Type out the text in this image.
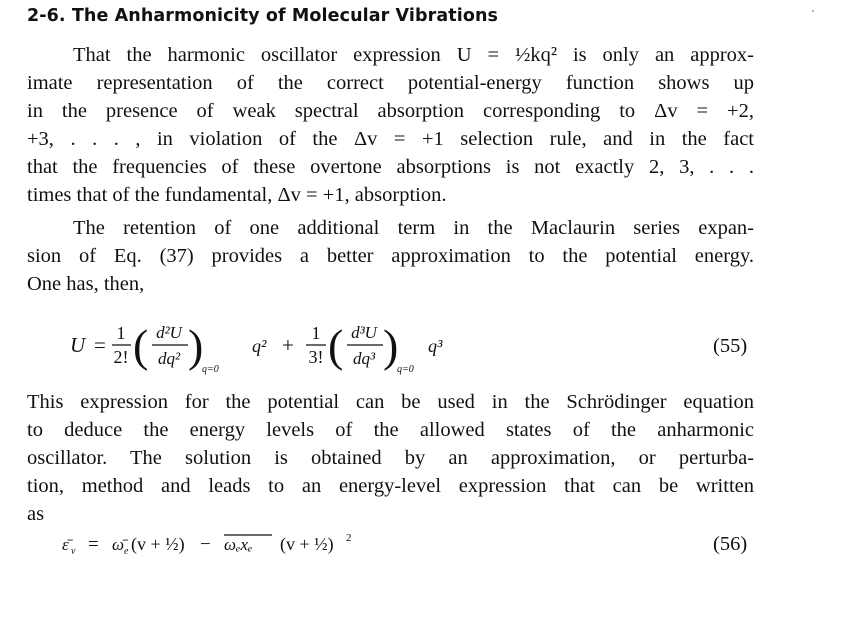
2-6. The Anharmonicity of Molecular Vibrations
That the harmonic oscillator expression U = ½kq² is only an approx-
imate representation of the correct potential-energy function shows up
in the presence of weak spectral absorption corresponding to Δv = +2,
+3, . . . , in violation of the Δv = +1 selection rule, and in the fact
that the frequencies of these overtone absorptions is not exactly 2, 3, . . .
times that of the fundamental, Δv = +1, absorption.
The retention of one additional term in the Maclaurin series expan-
sion of Eq. (37) provides a better approximation to the potential energy.
One has, then,
U = 1
2! ( d²U
dq² )
q=0
q² + 1
3! ( d³U
dq³ )
q=0
q³	(55)
This expression for the potential can be used in the Schrödinger equation
to deduce the energy levels of the allowed states of the anharmonic
oscillator. The solution is obtained by an approximation, or perturba-
tion, method and leads to an energy-level expression that can be written
as
ε̄ v = ω̄ e (v + ½) − ωₑxₑ (v + ½) 2	(56)
